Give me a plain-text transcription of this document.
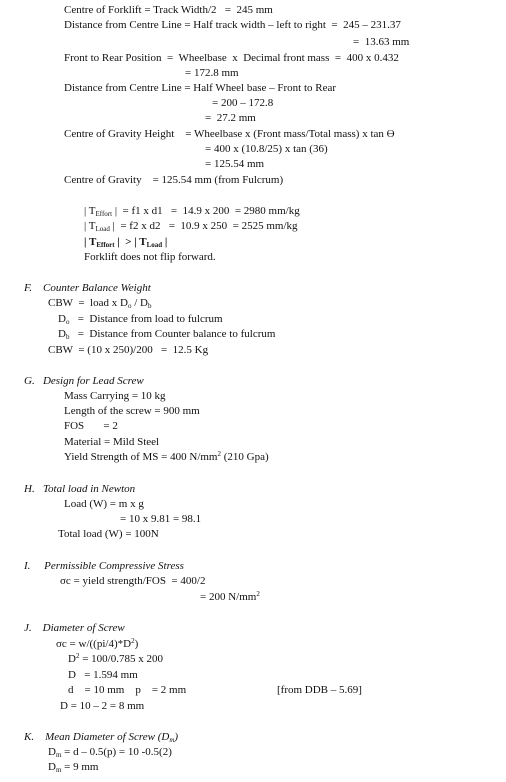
Centre of Forklift = Track Width/2   =  245 mm
Distance from Centre Line = Half track width – left to right  =  245 – 231.37
=  13.63 mm
Front to Rear Position  =  Wheelbase  x  Decimal front mass  =  400 x 0.432
= 172.8 mm
Distance from Centre Line = Half Wheel base – Front to Rear
= 200 – 172.8
=  27.2 mm
Centre of Gravity Height    = Wheelbase x (Front mass/Total mass) x tan Ɵ
= 400 x (10.8/25) x tan (36)
= 125.54 mm
Centre of Gravity    = 125.54 mm (from Fulcrum)
| $T_{Effort}$ |  = f1 x d1   =  14.9 x 200  = 2980 mm/kg
| $T_{Load}$ |  = f2 x d2   =  10.9 x 250  = 2525 mm/kg
| $T_{Effort}$ |  > | $T_{Load}$ |
Forklift does not flip forward.
F.    Counter Balance Weight
CBW  =  load x $D_o / D_b$
$D_o$   =  Distance from load to fulcrum
$D_b$   =  Distance from Counter balance to fulcrum
CBW  = (10 x 250)/200   =  12.5 Kg
G.   Design for Lead Screw
Mass Carrying = 10 kg
Length of the screw = 900 mm
FOS       = 2
Material = Mild Steel
Yield Strength of MS = 400 $N/mm^2$ (210 Gpa)
H.   Total load in Newton
Load (W) = m x g
= 10 x 9.81 = 98.1
Total load (W) = 100N
I.     Permissible Compressive Stress
σc = yield strength/FOS  = 400/2
= 200 $N/mm^2$
J.    Diameter of Screw
$\sigma c = w/((pi/4)*D^2)$
$D^2 = 100/0.785$ x 200
D   = 1.594 mm
d    = 10 mm    p    = 2 mm	[from DDB – 5.69]
D = 10 – 2 = 8 mm
K.    Mean Diameter of Screw $(D_m)$
$D_m = d - 0.5(p) = 10$ -0.5(2)
$D_m = 9$ mm
